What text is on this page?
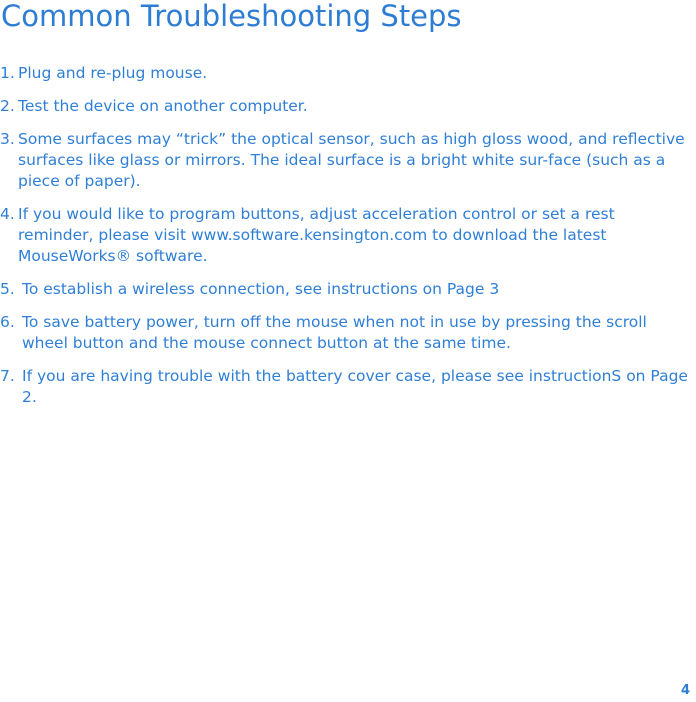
Common Troubleshooting Steps
1. Plug and re-plug mouse.
2. Test the device on another computer.
3. Some surfaces may “trick” the optical sensor, such as high gloss wood, and reflective surfaces like glass or mirrors. The ideal surface is a bright white sur-face (such as a piece of paper).
4. If you would like to program buttons, adjust acceleration control or set a rest reminder, please visit www.software.kensington.com to download the latest MouseWorks® software.
5. To establish a wireless connection, see instructions on Page 3
6. To save battery power, turn off the mouse when not in use by pressing the scroll wheel button and the mouse connect button at the same time.
7. If you are having trouble with the battery cover case, please see instructionS on Page 2.
4
